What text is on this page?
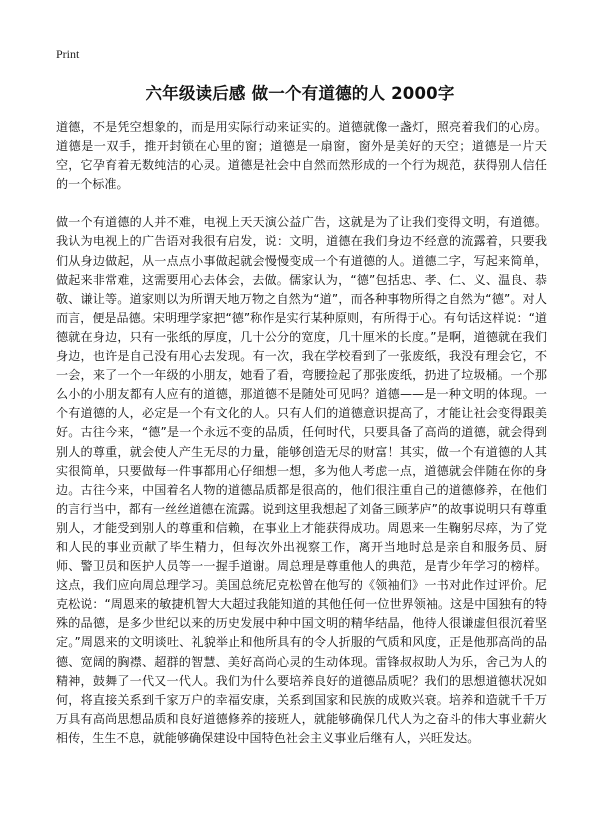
Print
六年级读后感 做一个有道德的人 2000字

道德，不是凭空想象的，而是用实际行动来证实的。道德就像一盏灯，照亮着我们的心房。道德是一双手，推开封锁在心里的窗；道德是一扇窗，窗外是美好的天空；道德是一片天空，它孕育着无数纯洁的心灵。道德是社会中自然而然形成的一个行为规范，获得别人信任的一个标准。

做一个有道德的人并不难，电视上天天演公益广告，这就是为了让我们变得文明，有道德。我认为电视上的广告语对我很有启发，说：文明，道德在我们身边不经意的流露着，只要我们从身边做起，从一点点小事做起就会慢慢变成一个有道德的人。道德二字，写起来简单，做起来非常难，这需要用心去体会，去做。儒家认为，“德”包括忠、孝、仁、义、温良、恭敬、谦让等。道家则以为所谓天地万物之自然为“道”，而各种事物所得之自然为“德”。对人而言，便是品德。宋明理学家把“德”称作是实行某种原则，有所得于心。有句话这样说：“道德就在身边，只有一张纸的厚度，几十公分的宽度，几十厘米的长度。”是啊，道德就在我们身边，也许是自己没有用心去发现。有一次，我在学校看到了一张废纸，我没有理会它，不一会，来了一个一年级的小朋友，她看了看，弯腰捡起了那张废纸，扔进了垃圾桶。一个那么小的小朋友都有人应有的道德，那道德不是随处可见吗？道德——是一种文明的体现。一个有道德的人，必定是一个有文化的人。只有人们的道德意识提高了，才能让社会变得跟美好。古往今来，“德”是一个永远不变的品质，任何时代，只要具备了高尚的道德，就会得到别人的尊重，就会使人产生无尽的力量，能够创造无尽的财富！其实，做一个有道德的人其实很简单，只要做每一件事都用心仔细想一想，多为他人考虑一点，道德就会伴随在你的身边。古往今来，中国着名人物的道德品质都是很高的，他们很注重自己的道德修养，在他们的言行当中，都有一丝丝道德在流露。说到这里我想起了刘备三顾茅庐”的故事说明只有尊重别人，才能受到别人的尊重和信赖，在事业上才能获得成功。周恩来一生鞠躬尽瘁，为了党和人民的事业贡献了毕生精力，但每次外出视察工作，离开当地时总是亲自和服务员、厨师、警卫员和医护人员等一一握手道谢。周总理是尊重他人的典范，是青少年学习的榜样。这点，我们应向周总理学习。美国总统尼克松曾在他写的《领袖们》一书对此作过评价。尼克松说：“周恩来的敏捷机智大大超过我能知道的其他任何一位世界领袖。这是中国独有的特殊的品德，是多少世纪以来的历史发展中种中国文明的精华结晶，他待人很谦虚但很沉着坚定。”周恩来的文明谈吐、礼貌举止和他所具有的令人折服的气质和风度，正是他那高尚的品德、宽阔的胸襟、超群的智慧、美好高尚心灵的生动体现。雷锋叔叔助人为乐，舍己为人的精神，鼓舞了一代又一代人。我们为什么要培养良好的道德品质呢？我们的思想道德状况如何，将直接关系到千家万户的幸福安康，关系到国家和民族的成败兴衰。培养和造就千千万万具有高尚思想品质和良好道德修养的接班人，就能够确保几代人为之奋斗的伟大事业薪火相传，生生不息，就能够确保建设中国特色社会主义事业后继有人，兴旺发达。
